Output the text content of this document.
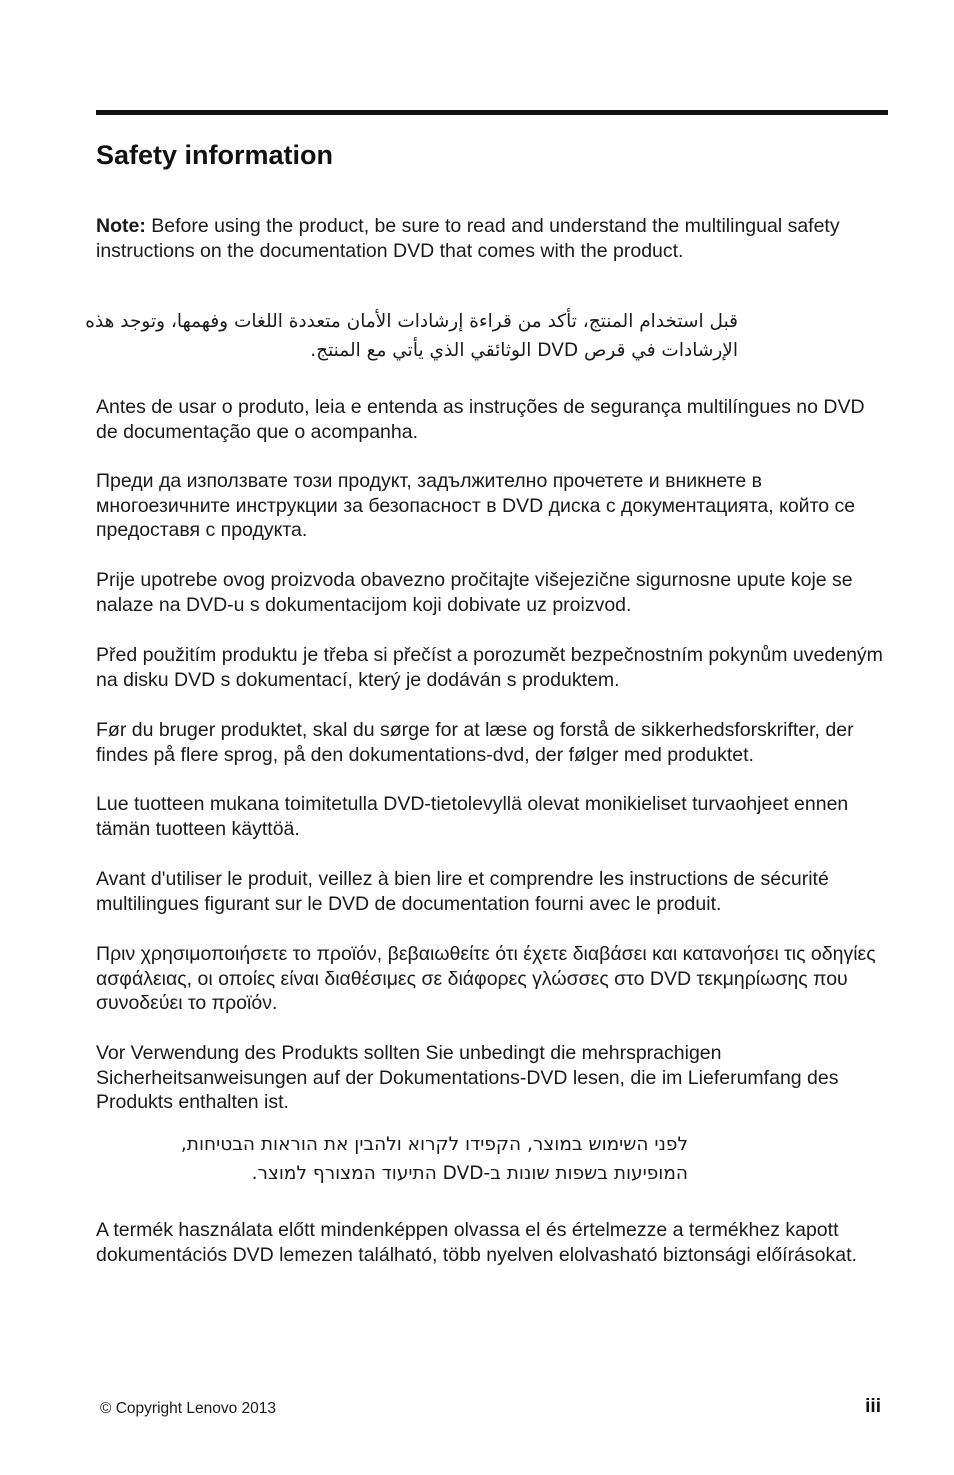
Safety information

Note: Before using the product, be sure to read and understand the multilingual safety instructions on the documentation DVD that comes with the product.

قبل استخدام المنتج، تأكد من قراءة إرشادات الأمان متعددة اللغات وفهمها، وتوجد هذه
الإرشادات في قرص DVD الوثائقي الذي يأتي مع المنتج.

Antes de usar o produto, leia e entenda as instruções de segurança multilíngues no DVD de documentação que o acompanha.

Преди да използвате този продукт, задължително прочетете и вникнете в многоезичните инструкции за безопасност в DVD диска с документацията, който се предоставя с продукта.

Prije upotrebe ovog proizvoda obavezno pročitajte višejezične sigurnosne upute koje se nalaze na DVD-u s dokumentacijom koji dobivate uz proizvod.

Před použitím produktu je třeba si přečíst a porozumět bezpečnostním pokynům uvedeným na disku DVD s dokumentací, který je dodáván s produktem.

Før du bruger produktet, skal du sørge for at læse og forstå de sikkerhedsforskrifter, der findes på flere sprog, på den dokumentations-dvd, der følger med produktet.

Lue tuotteen mukana toimitetulla DVD-tietolevyllä olevat monikieliset turvaohjeet ennen tämän tuotteen käyttöä.

Avant d'utiliser le produit, veillez à bien lire et comprendre les instructions de sécurité multilingues figurant sur le DVD de documentation fourni avec le produit.

Πριν χρησιμοποιήσετε το προϊόν, βεβαιωθείτε ότι έχετε διαβάσει και κατανοήσει τις οδηγίες ασφάλειας, οι οποίες είναι διαθέσιμες σε διάφορες γλώσσες στο DVD τεκμηρίωσης που συνοδεύει το προϊόν.

Vor Verwendung des Produkts sollten Sie unbedingt die mehrsprachigen Sicherheitsanweisungen auf der Dokumentations-DVD lesen, die im Lieferumfang des Produkts enthalten ist.

לפני השימוש במוצר, הקפידו לקרוא ולהבין את הוראות הבטיחות,
המופיעות בשפות שונות ב-DVD התיעוד המצורף למוצר.

A termék használata előtt mindenképpen olvassa el és értelmezze a termékhez kapott dokumentációs DVD lemezen található, több nyelven elolvasható biztonsági előírásokat.

© Copyright Lenovo 2013	iii
